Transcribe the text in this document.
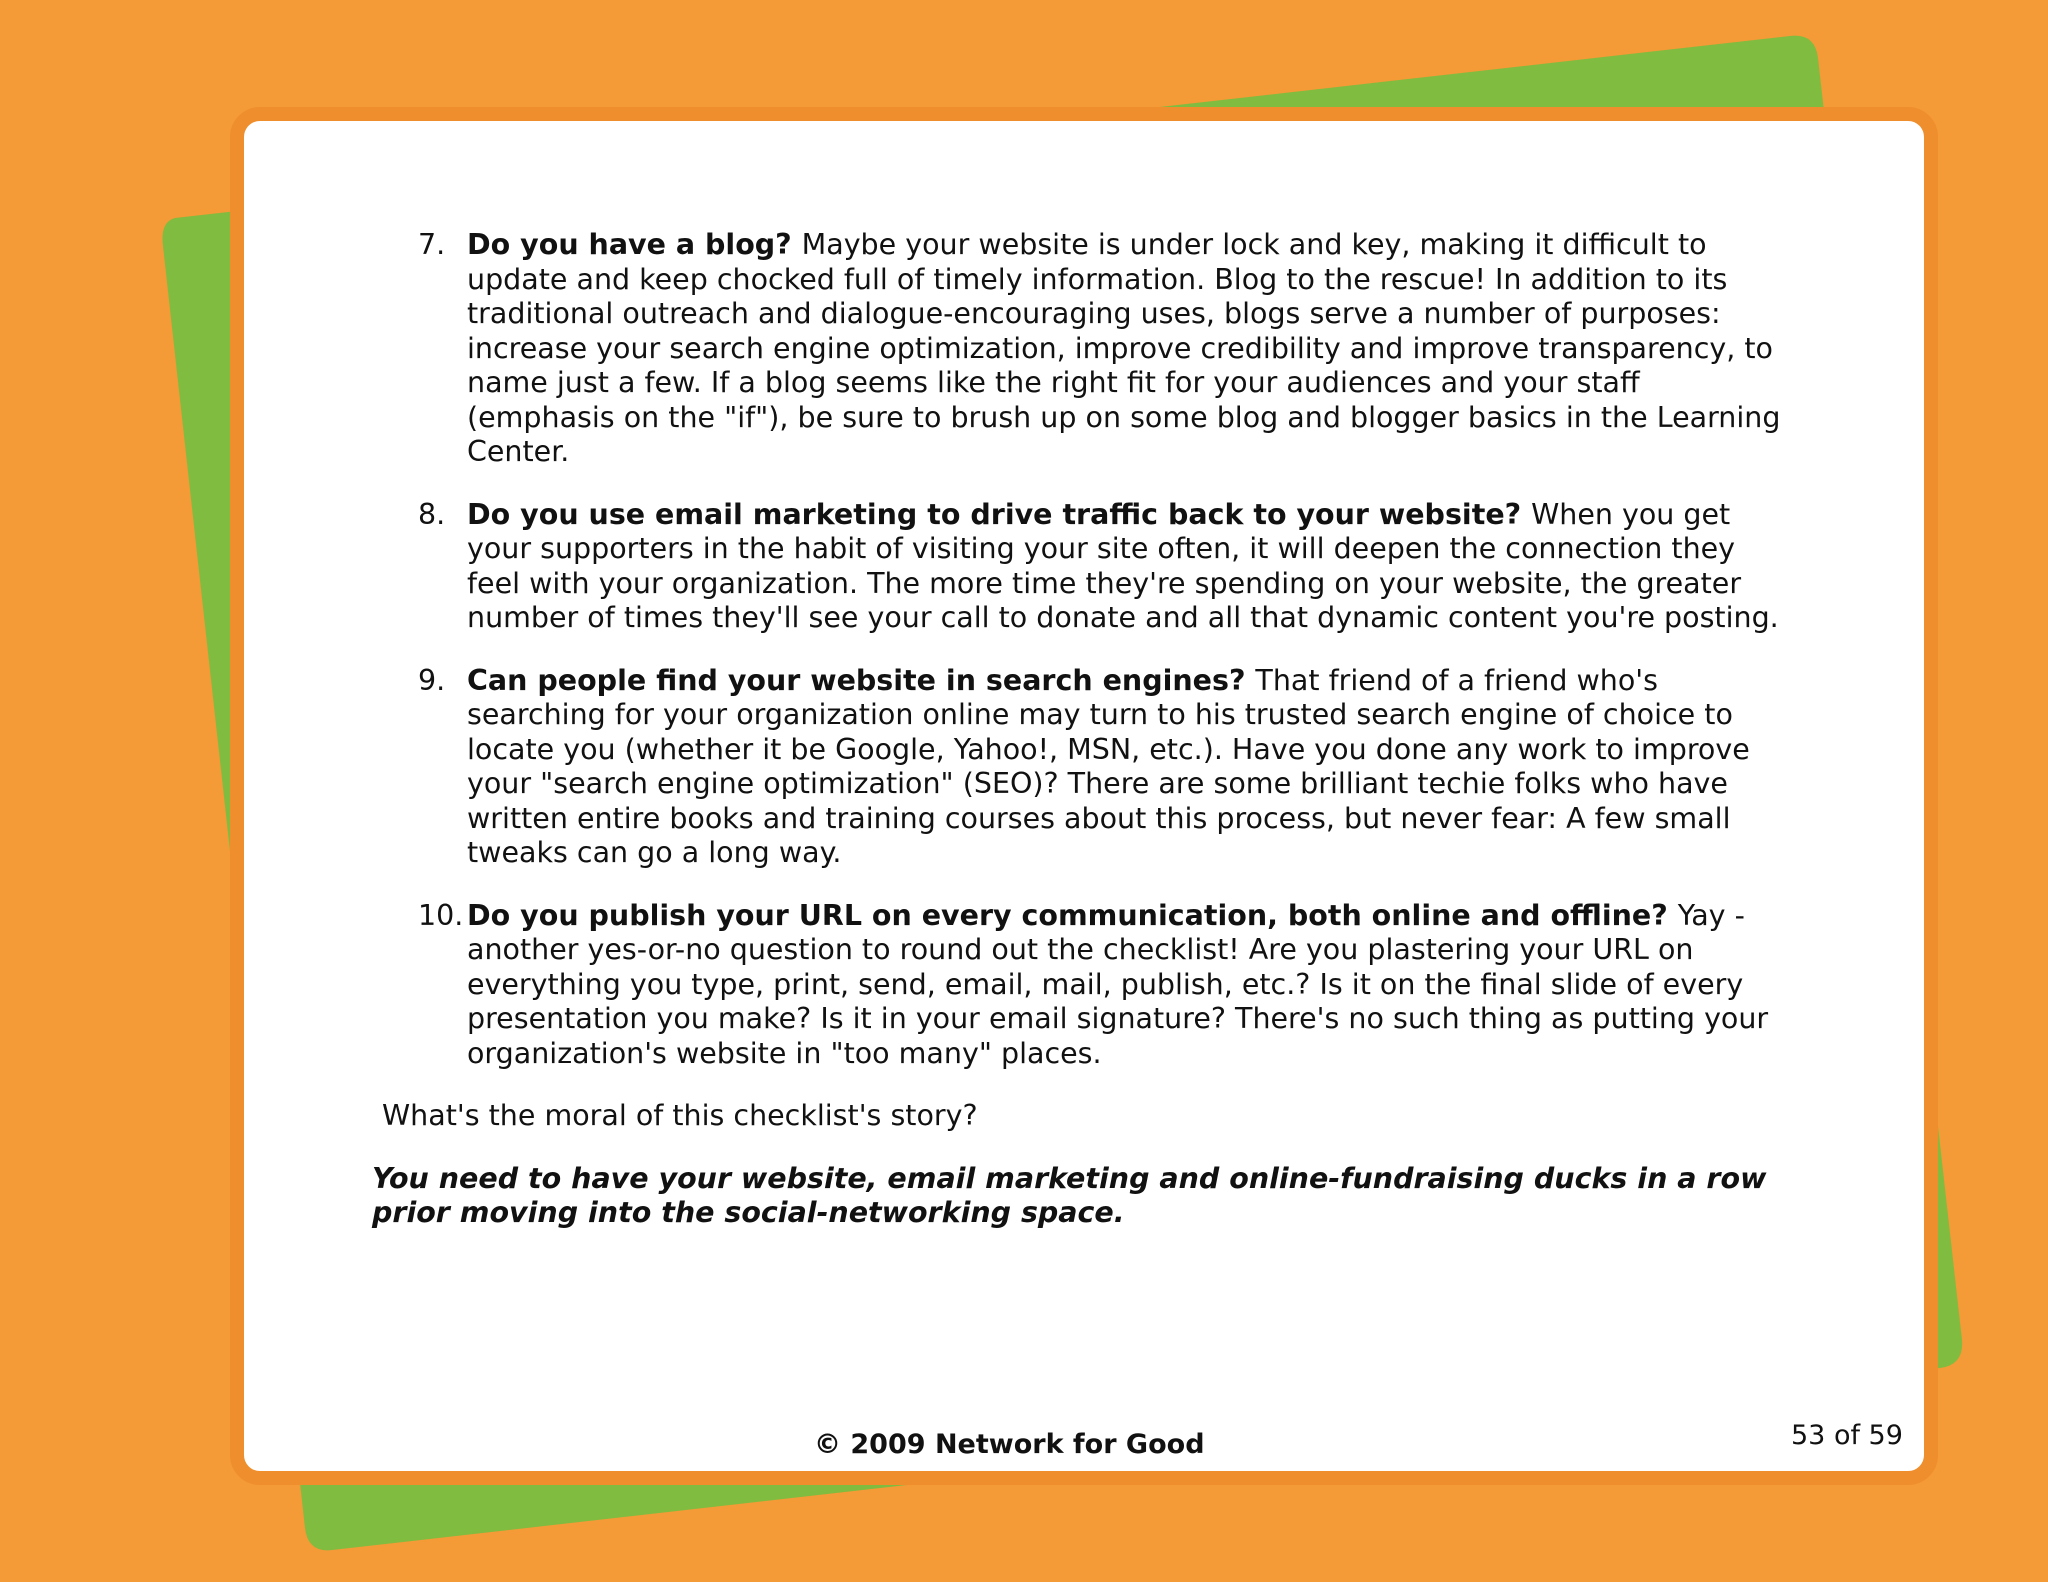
7. Do you have a blog? Maybe your website is under lock and key, making it difficult to update and keep chocked full of timely information. Blog to the rescue! In addition to its traditional outreach and dialogue-encouraging uses, blogs serve a number of purposes: increase your search engine optimization, improve credibility and improve transparency, to name just a few. If a blog seems like the right fit for your audiences and your staff (emphasis on the "if"), be sure to brush up on some blog and blogger basics in the Learning Center.
8. Do you use email marketing to drive traffic back to your website? When you get your supporters in the habit of visiting your site often, it will deepen the connection they feel with your organization. The more time they're spending on your website, the greater number of times they'll see your call to donate and all that dynamic content you're posting.
9. Can people find your website in search engines? That friend of a friend who's searching for your organization online may turn to his trusted search engine of choice to locate you (whether it be Google, Yahoo!, MSN, etc.). Have you done any work to improve your "search engine optimization" (SEO)? There are some brilliant techie folks who have written entire books and training courses about this process, but never fear: A few small tweaks can go a long way.
10. Do you publish your URL on every communication, both online and offline? Yay - another yes-or-no question to round out the checklist! Are you plastering your URL on everything you type, print, send, email, mail, publish, etc.? Is it on the final slide of every presentation you make? Is it in your email signature? There's no such thing as putting your organization's website in "too many" places.

What's the moral of this checklist's story?

You need to have your website, email marketing and online-fundraising ducks in a row prior moving into the social-networking space.

© 2009 Network for Good	53 of 59
